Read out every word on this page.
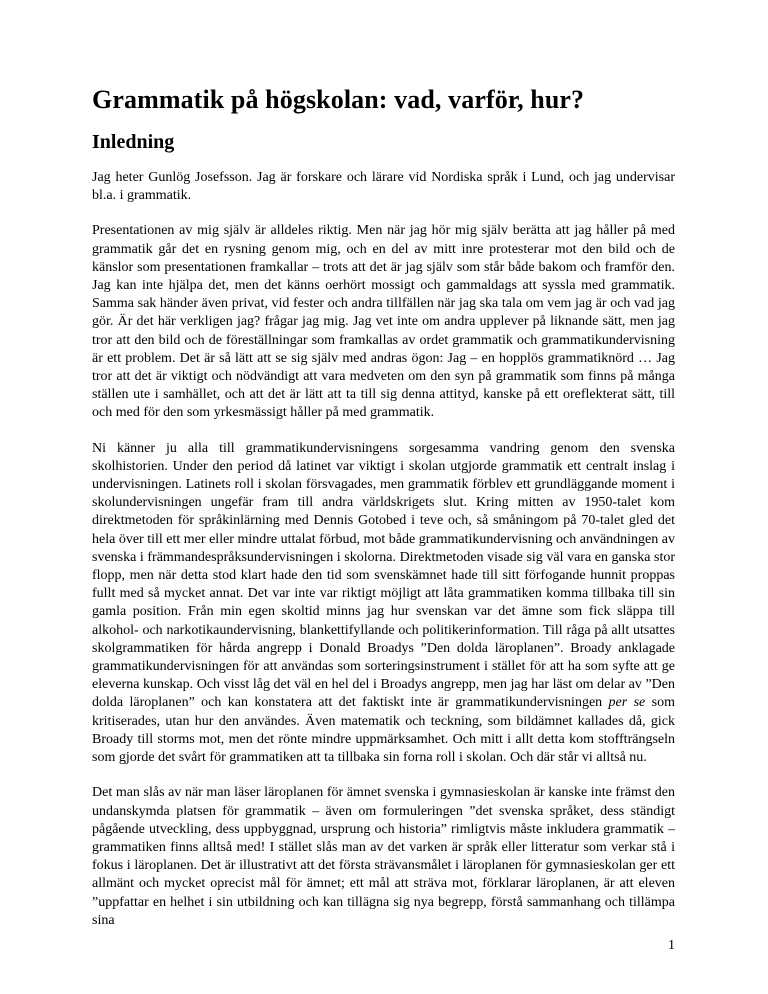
Grammatik på högskolan: vad, varför, hur?
Inledning

Jag heter Gunlög Josefsson. Jag är forskare och lärare vid Nordiska språk i Lund, och jag undervisar bl.a. i grammatik.

Presentationen av mig själv är alldeles riktig. Men när jag hör mig själv berätta att jag håller på med grammatik går det en rysning genom mig, och en del av mitt inre protesterar mot den bild och de känslor som presentationen framkallar – trots att det är jag själv som står både bakom och framför den. Jag kan inte hjälpa det, men det känns oerhört mossigt och gammaldags att syssla med grammatik. Samma sak händer även privat, vid fester och andra tillfällen när jag ska tala om vem jag är och vad jag gör. Är det här verkligen jag? frågar jag mig. Jag vet inte om andra upplever på liknande sätt, men jag tror att den bild och de föreställningar som framkallas av ordet grammatik och grammatikundervisning är ett problem. Det är så lätt att se sig själv med andras ögon: Jag – en hopplös grammatiknörd … Jag tror att det är viktigt och nödvändigt att vara medveten om den syn på grammatik som finns på många ställen ute i samhället, och att det är lätt att ta till sig denna attityd, kanske på ett oreflekterat sätt, till och med för den som yrkesmässigt håller på med grammatik.

Ni känner ju alla till grammatikundervisningens sorgesamma vandring genom den svenska skolhistorien. Under den period då latinet var viktigt i skolan utgjorde grammatik ett centralt inslag i undervisningen. Latinets roll i skolan försvagades, men grammatik förblev ett grundläggande moment i skolundervisningen ungefär fram till andra världskrigets slut. Kring mitten av 1950-talet kom direktmetoden för språkinlärning med Dennis Gotobed i teve och, så småningom på 70-talet gled det hela över till ett mer eller mindre uttalat förbud, mot både grammatikundervisning och användningen av svenska i främmandespråksundervisningen i skolorna. Direktmetoden visade sig väl vara en ganska stor flopp, men när detta stod klart hade den tid som svenskämnet hade till sitt förfogande hunnit proppas fullt med så mycket annat. Det var inte var riktigt möjligt att låta grammatiken komma tillbaka till sin gamla position. Från min egen skoltid minns jag hur svenskan var det ämne som fick släppa till alkohol- och narkotikaundervisning, blankettifyllande och politikerinformation. Till råga på allt utsattes skolgrammatiken för hårda angrepp i Donald Broadys ”Den dolda läroplanen”. Broady anklagade grammatikundervisningen för att användas som sorteringsinstrument i stället för att ha som syfte att ge eleverna kunskap. Och visst låg det väl en hel del i Broadys angrepp, men jag har läst om delar av ”Den dolda läroplanen” och kan konstatera att det faktiskt inte är grammatikundervisningen per se som kritiserades, utan hur den användes. Även matematik och teckning, som bildämnet kallades då, gick Broady till storms mot, men det rönte mindre uppmärksamhet. Och mitt i allt detta kom stoffträngseln som gjorde det svårt för grammatiken att ta tillbaka sin forna roll i skolan. Och där står vi alltså nu.

Det man slås av när man läser läroplanen för ämnet svenska i gymnasieskolan är kanske inte främst den undanskymda platsen för grammatik – även om formuleringen ”det svenska språket, dess ständigt pågående utveckling, dess uppbyggnad, ursprung och historia” rimligtvis måste inkludera grammatik – grammatiken finns alltså med! I stället slås man av det varken är språk eller litteratur som verkar stå i fokus i läroplanen. Det är illustrativt att det första strävansmålet i läroplanen för gymnasieskolan ger ett allmänt och mycket oprecist mål för ämnet; ett mål att sträva mot, förklarar läroplanen, är att eleven ”uppfattar en helhet i sin utbildning och kan tillägna sig nya begrepp, förstå sammanhang och tillämpa sina

1
